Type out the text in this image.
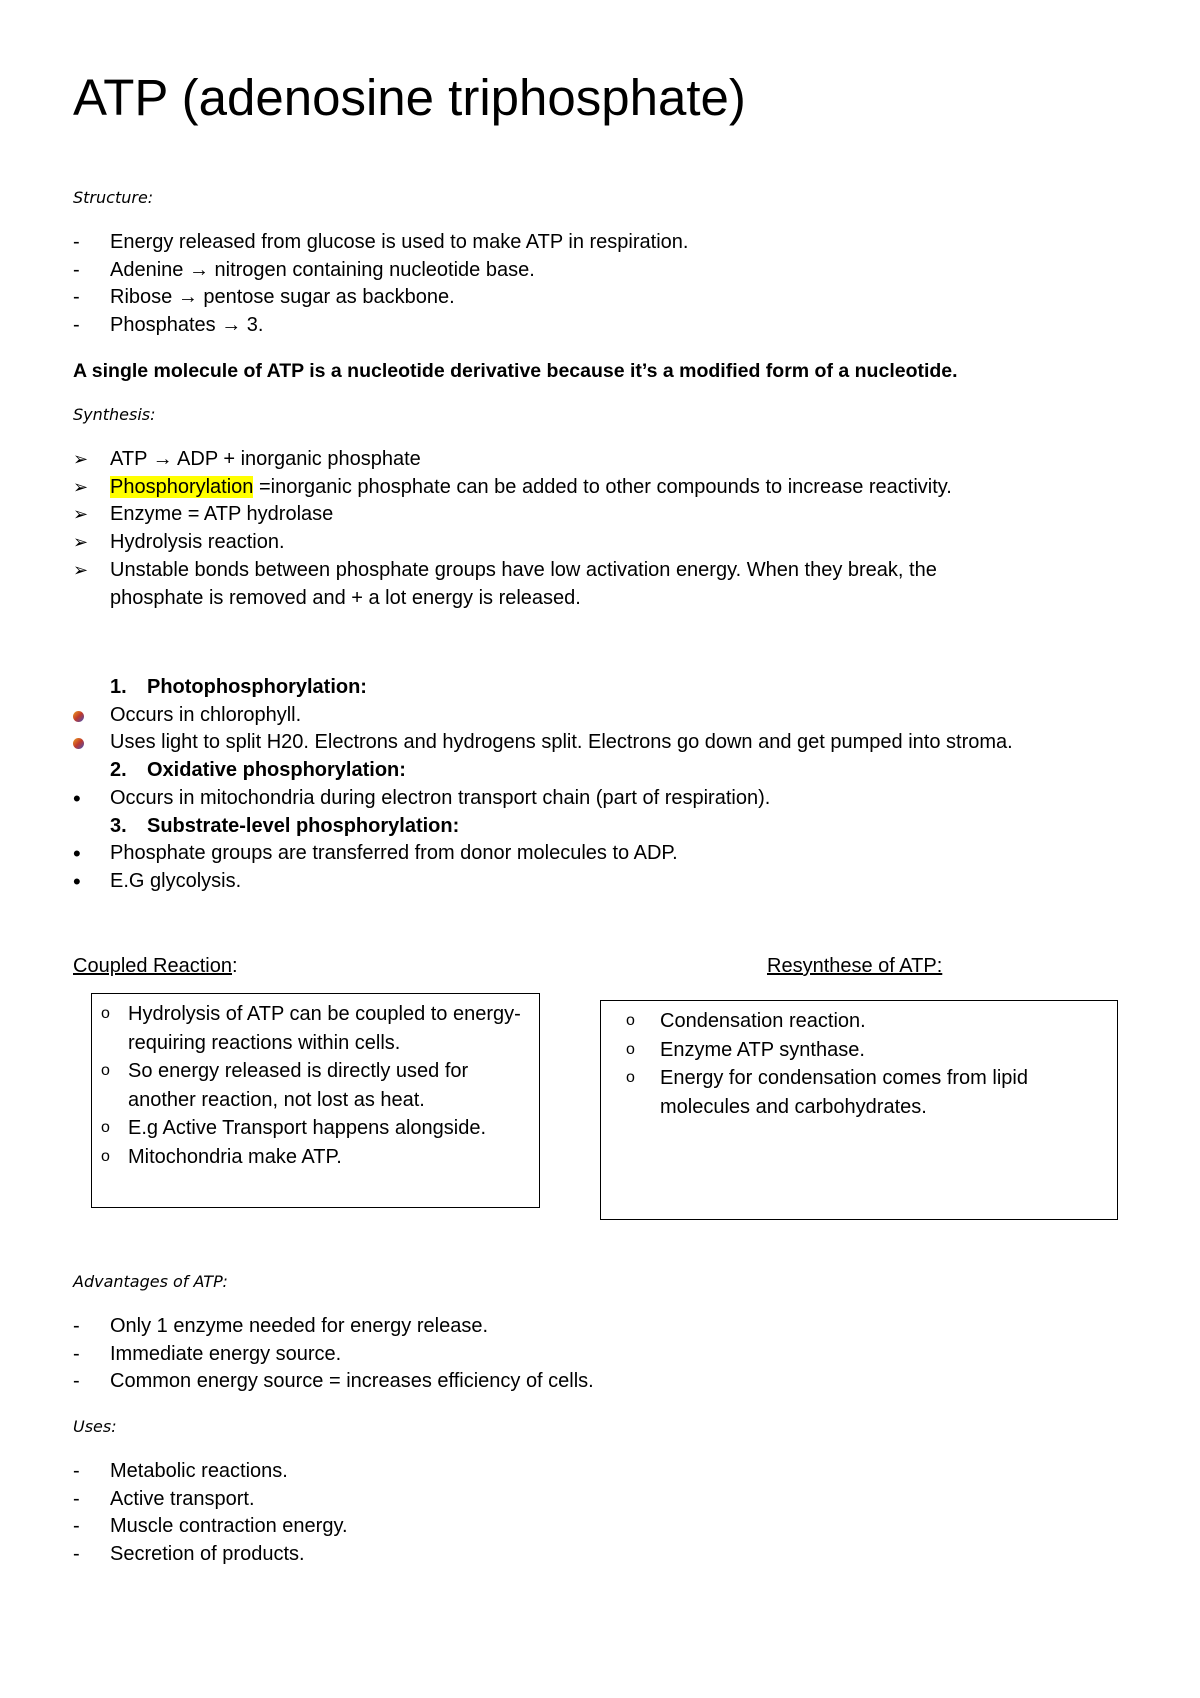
ATP (adenosine triphosphate)
Structure:
- Energy released from glucose is used to make ATP in respiration.
- Adenine → nitrogen containing nucleotide base.
- Ribose → pentose sugar as backbone.
- Phosphates → 3.
A single molecule of ATP is a nucleotide derivative because it’s a modified form of a nucleotide.
Synthesis:
➢ ATP → ADP + inorganic phosphate
➢ Phosphorylation =inorganic phosphate can be added to other compounds to increase reactivity.
➢ Enzyme = ATP hydrolase
➢ Hydrolysis reaction.
➢ Unstable bonds between phosphate groups have low activation energy. When they break, the
phosphate is removed and + a lot energy is released.
1. Photophosphorylation:
Occurs in chlorophyll.
Uses light to split H20. Electrons and hydrogens split. Electrons go down and get pumped into stroma.
2. Oxidative phosphorylation:
• Occurs in mitochondria during electron transport chain (part of respiration).
3. Substrate-level phosphorylation:
• Phosphate groups are transferred from donor molecules to ADP.
• E.G glycolysis.
Coupled Reaction:
o Hydrolysis of ATP can be coupled to energy-requiring reactions within cells.
o So energy released is directly used for another reaction, not lost as heat.
o E.g Active Transport happens alongside.
o Mitochondria make ATP.
Resynthese of ATP:
o Condensation reaction.
o Enzyme ATP synthase.
o Energy for condensation comes from lipid molecules and carbohydrates.
Advantages of ATP:
- Only 1 enzyme needed for energy release.
- Immediate energy source.
- Common energy source = increases efficiency of cells.
Uses:
- Metabolic reactions.
- Active transport.
- Muscle contraction energy.
- Secretion of products.
